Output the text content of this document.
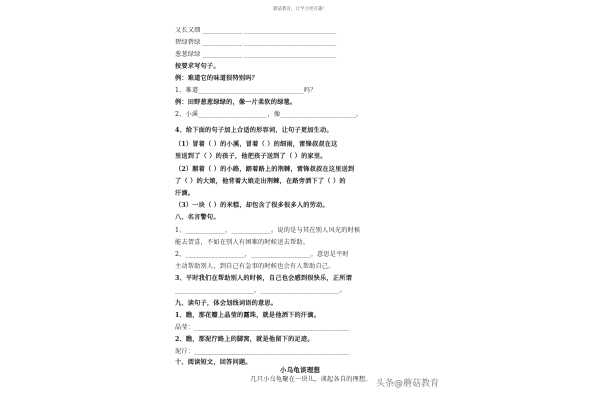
蘑菇教育，让学习更有趣！
又长又细 ____________ ____________________________
碧绿碧绿 ____________ ____________________________
葱葱绿绿 ____________ ____________________________
按要求写句子。
例：难道它的味道很特别吗？
1、难道________________________________吗？
例：田野葱葱绿绿的，像一片柔软的绿毯。
2、小溪_____________________，像_______________________。
4、给下面的句子加上合适的形容词，让句子更加生动。
（1）冒着（ ）的小溪，冒着（ ）的细雨，雷锋叔叔在这
里送到了（ ）的孩子，他把孩子送到了（ ）的家里。
（2）顺着（ ）的小路，踏着路上的荆棘，雷锋叔叔在这里送到
了（ ）的大娘，他背着大娘走出荆棘，在路旁洒下了（ ）的
汗滴。
（3）一块（ ）的米糕，却包含了很多很多人的劳动。
八、名言警句。
1、____________，____________。说的是与其在别人风光的时候
能去贺喜，不如在别人有困难的时候送去帮助。
2、__________________，__________________。意思是平时
主动帮助别人，到自己有急事的时候也会有人帮助自己。
3、平时我们在帮助别人的时候，自己也会感到很快乐，正所谓
________________________，________________________。
九、读句子，体会划线词语的意思。
1、瞧，那花瓣上晶莹的露珠，就是他洒下的汗滴。
晶莹：_______________________________________________
2、瞧，那泥泞路上的脚窝，就是他留下的足迹。
泥泞：_______________________________________________
十、阅读短文，回答问题。
小乌龟谈理想
几只小乌龟聚在一块儿，谈起各自的理想。 头条@蘑菇教育
